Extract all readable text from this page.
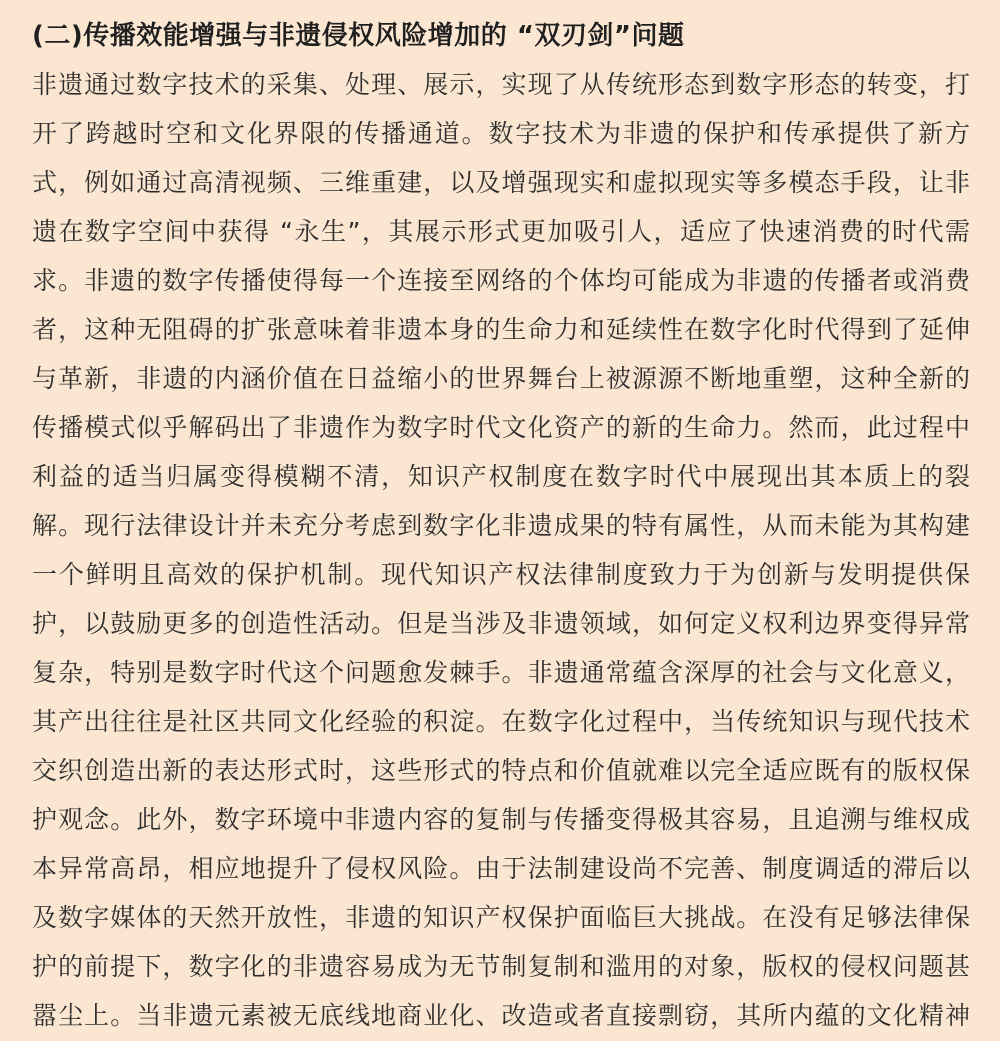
(二)传播效能增强与非遗侵权风险增加的 “双刃剑”问题
非遗通过数字技术的采集、处理、展示，实现了从传统形态到数字形态的转变，打
开了跨越时空和文化界限的传播通道。数字技术为非遗的保护和传承提供了新方
式，例如通过高清视频、三维重建，以及增强现实和虚拟现实等多模态手段，让非
遗在数字空间中获得 “永生”，其展示形式更加吸引人，适应了快速消费的时代需
求。非遗的数字传播使得每一个连接至网络的个体均可能成为非遗的传播者或消费
者，这种无阻碍的扩张意味着非遗本身的生命力和延续性在数字化时代得到了延伸
与革新，非遗的内涵价值在日益缩小的世界舞台上被源源不断地重塑，这种全新的
传播模式似乎解码出了非遗作为数字时代文化资产的新的生命力。然而，此过程中
利益的适当归属变得模糊不清，知识产权制度在数字时代中展现出其本质上的裂
解。现行法律设计并未充分考虑到数字化非遗成果的特有属性，从而未能为其构建
一个鲜明且高效的保护机制。现代知识产权法律制度致力于为创新与发明提供保
护，以鼓励更多的创造性活动。但是当涉及非遗领域，如何定义权利边界变得异常
复杂，特别是数字时代这个问题愈发棘手。非遗通常蕴含深厚的社会与文化意义，
其产出往往是社区共同文化经验的积淀。在数字化过程中，当传统知识与现代技术
交织创造出新的表达形式时，这些形式的特点和价值就难以完全适应既有的版权保
护观念。此外，数字环境中非遗内容的复制与传播变得极其容易，且追溯与维权成
本异常高昂，相应地提升了侵权风险。由于法制建设尚不完善、制度调适的滞后以
及数字媒体的天然开放性，非遗的知识产权保护面临巨大挑战。在没有足够法律保
护的前提下，数字化的非遗容易成为无节制复制和滥用的对象，版权的侵权问题甚
嚣尘上。当非遗元素被无底线地商业化、改造或者直接剽窃，其所内蕴的文化精神
